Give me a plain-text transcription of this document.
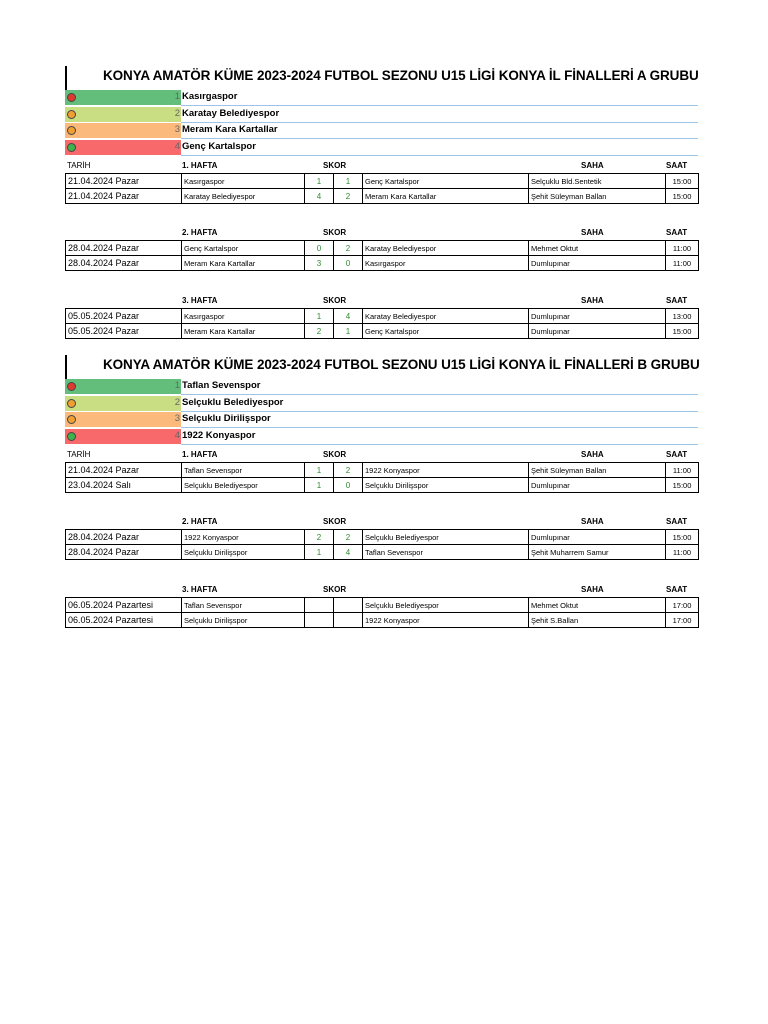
KONYA AMATÖR KÜME 2023-2024 FUTBOL SEZONU U15 LİGİ KONYA İL FİNALLERİ A GRUBU
1 Kasırgaspor
2 Karatay Belediyespor
3 Meram Kara Kartallar
4 Genç Kartalspor
TARİH	1. HAFTA	SKOR	SAHA	SAAT
21.04.2024 Pazar	Kasırgaspor	1	1	Genç Kartalspor	Selçuklu Bld.Sentetik	15:00
21.04.2024 Pazar	Karatay Belediyespor	4	2	Meram Kara Kartallar	Şehit Süleyman Ballan	15:00
2. HAFTA	SKOR	SAHA	SAAT
28.04.2024 Pazar	Genç Kartalspor	0	2	Karatay Belediyespor	Mehmet Oktut	11:00
28.04.2024 Pazar	Meram Kara Kartallar	3	0	Kasırgaspor	Dumlupınar	11:00
3. HAFTA	SKOR	SAHA	SAAT
05.05.2024 Pazar	Kasırgaspor	1	4	Karatay Belediyespor	Dumlupınar	13:00
05.05.2024 Pazar	Meram Kara Kartallar	2	1	Genç Kartalspor	Dumlupınar	15:00
KONYA AMATÖR KÜME 2023-2024 FUTBOL SEZONU U15 LİGİ KONYA İL FİNALLERİ B GRUBU
1 Taflan Sevenspor
2 Selçuklu Belediyespor
3 Selçuklu Dirilişspor
4 1922 Konyaspor
TARİH	1. HAFTA	SKOR	SAHA	SAAT
21.04.2024 Pazar	Taflan Sevenspor	1	2	1922 Konyaspor	Şehit Süleyman Ballan	11:00
23.04.2024 Salı	Selçuklu Belediyespor	1	0	Selçuklu Dirilişspor	Dumlupınar	15:00
2. HAFTA	SKOR	SAHA	SAAT
28.04.2024 Pazar	1922 Konyaspor	2	2	Selçuklu Belediyespor	Dumlupınar	15:00
28.04.2024 Pazar	Selçuklu Dirilişspor	1	4	Taflan Sevenspor	Şehit Muharrem Samur	11:00
3. HAFTA	SKOR	SAHA	SAAT
06.05.2024 Pazartesi	Taflan Sevenspor			Selçuklu Belediyespor	Mehmet Oktut	17:00
06.05.2024 Pazartesi	Selçuklu Dirilişspor			1922 Konyaspor	Şehit S.Ballan	17:00
